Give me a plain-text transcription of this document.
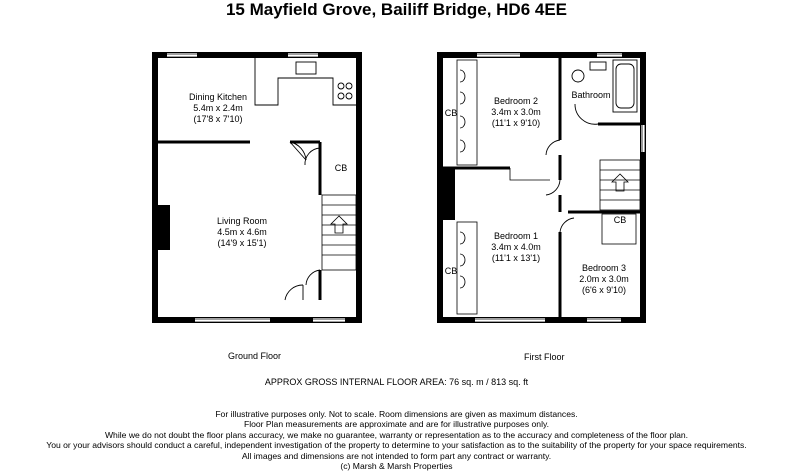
15 Mayfield Grove, Bailiff Bridge, HD6 4EE
Dining Kitchen
5.4m x 2.4m
(17'8 x 7'10)
Living Room
4.5m x 4.6m
(14'9 x 15'1)
CB
Bedroom 2
3.4m x 3.0m
(11'1 x 9'10)
Bathroom
Bedroom 1
3.4m x 4.0m
(11'1 x 13'1)
Bedroom 3
2.0m x 3.0m
(6'6 x 9'10)
CB
CB
CB
Ground Floor	First Floor
APPROX GROSS INTERNAL FLOOR AREA: 76 sq. m / 813 sq. ft
For illustrative purposes only. Not to scale. Room dimensions are given as maximum distances.
Floor Plan measurements are approximate and are for illustrative purposes only.
While we do not doubt the floor plans accuracy, we make no guarantee, warranty or representation as to the accuracy and completeness of the floor plan.
You or your advisors should conduct a careful, independent investigation of the property to determine to your satisfaction as to the suitability of the property for your space requirements.
All images and dimensions are not intended to form part any contract or warranty.
(c) Marsh & Marsh Properties
